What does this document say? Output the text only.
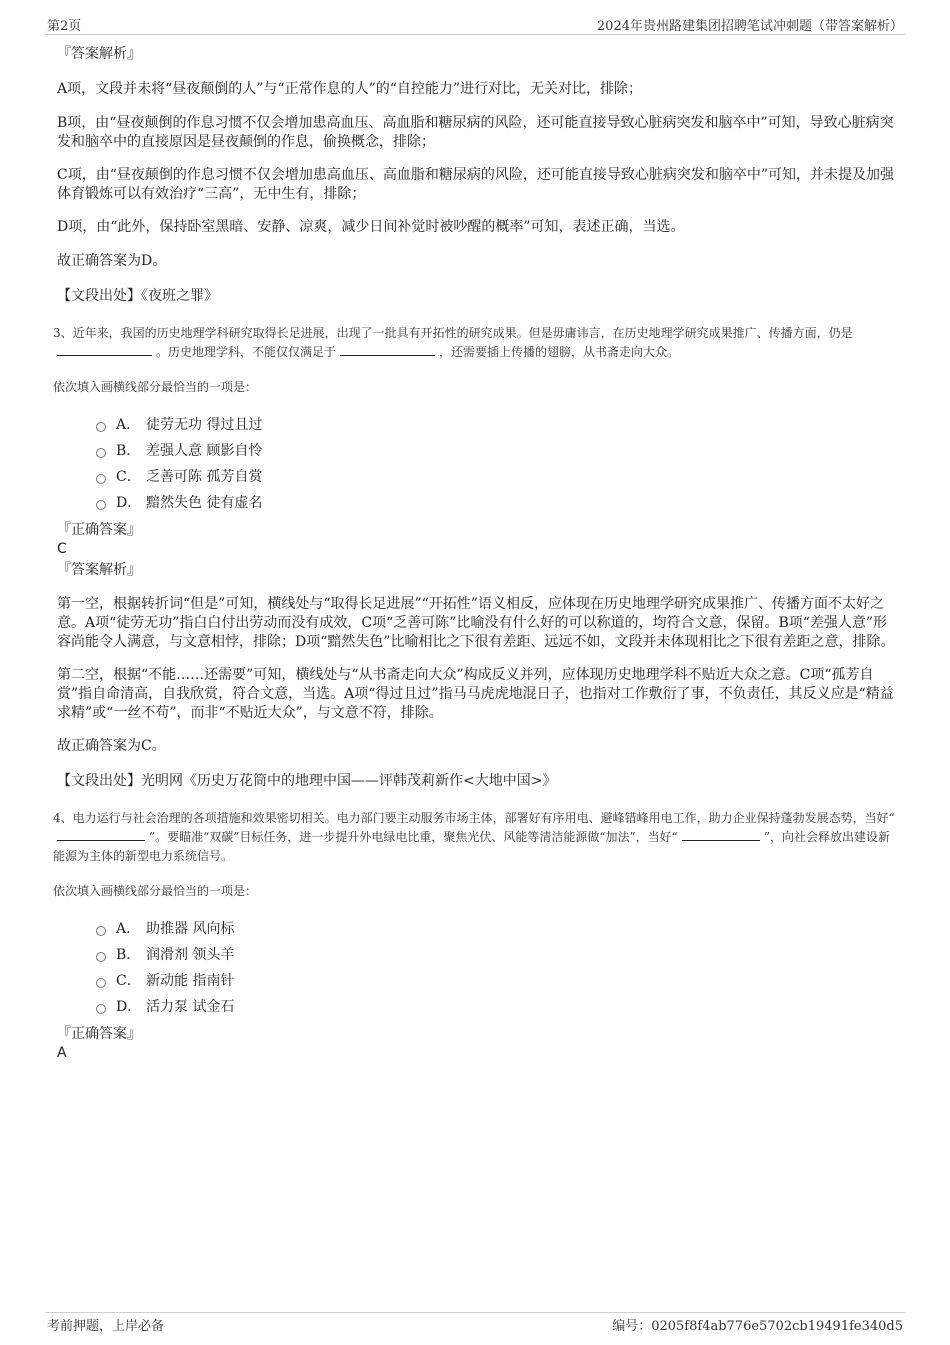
第2页	2024年贵州路建集团招聘笔试冲刺题（带答案解析）
『答案解析』

A项，文段并未将“昼夜颠倒的人”与“正常作息的人”的“自控能力”进行对比，无关对比，排除；

B项，由“昼夜颠倒的作息习惯不仅会增加患高血压、高血脂和糖尿病的风险，还可能直接导致心脏病突发和脑卒中”可知，导致心脏病突发和脑卒中的直接原因是昼夜颠倒的作息，偷换概念，排除；

C项，由“昼夜颠倒的作息习惯不仅会增加患高血压、高血脂和糖尿病的风险，还可能直接导致心脏病突发和脑卒中”可知，并未提及加强体育锻炼可以有效治疗“三高”，无中生有，排除；

D项，由“此外，保持卧室黑暗、安静、凉爽，减少日间补觉时被吵醒的概率”可知，表述正确，当选。

故正确答案为D。

【文段出处】《夜班之罪》

3、近年来，我国的历史地理学科研究取得长足进展，出现了一批具有开拓性的研究成果。但是毋庸讳言，在历史地理学研究成果推广、传播方面，仍是。历史地理学科，不能仅仅满足于	，还需要插上传播的翅膀，从书斋走向大众。

依次填入画横线部分最恰当的一项是：

A． 徒劳无功 得过且过
B． 差强人意 顾影自怜
C． 乏善可陈 孤芳自赏
D． 黯然失色 徒有虚名
『正确答案』
C
『答案解析』

第一空，根据转折词“但是”可知，横线处与“取得长足进展”“开拓性”语义相反，应体现在历史地理学研究成果推广、传播方面不太好之意。A项“徒劳无功”指白白付出劳动而没有成效，C项“乏善可陈”比喻没有什么好的可以称道的，均符合文意，保留。B项“差强人意”形容尚能令人满意，与文意相悖，排除；D项“黯然失色”比喻相比之下很有差距、远远不如，文段并未体现相比之下很有差距之意，排除。

第二空，根据“不能……还需要”可知，横线处与“从书斋走向大众”构成反义并列，应体现历史地理学科不贴近大众之意。C项“孤芳自赏”指自命清高，自我欣赏，符合文意，当选。A项“得过且过”指马马虎虎地混日子，也指对工作敷衍了事，不负责任，其反义应是“精益求精”或“一丝不苟”，而非“不贴近大众”，与文意不符，排除。

故正确答案为C。

【文段出处】光明网《历史万花筒中的地理中国——评韩茂莉新作<大地中国>》

4、电力运行与社会治理的各项措施和效果密切相关。电力部门要主动服务市场主体，部署好有序用电、避峰错峰用电工作，助力企业保持蓬勃发展态势，当好“”。要瞄准“双碳”目标任务，进一步提升外电绿电比重，聚焦光伏、风能等清洁能源做“加法”，当好“	”，向社会释放出建设新能源为主体的新型电力系统信号。

依次填入画横线部分最恰当的一项是：

A． 助推器 风向标
B． 润滑剂 领头羊
C． 新动能 指南针
D． 活力泵 试金石
『正确答案』
A
考前押题，上岸必备	编号：0205f8f4ab776e5702cb19491fe340d5
